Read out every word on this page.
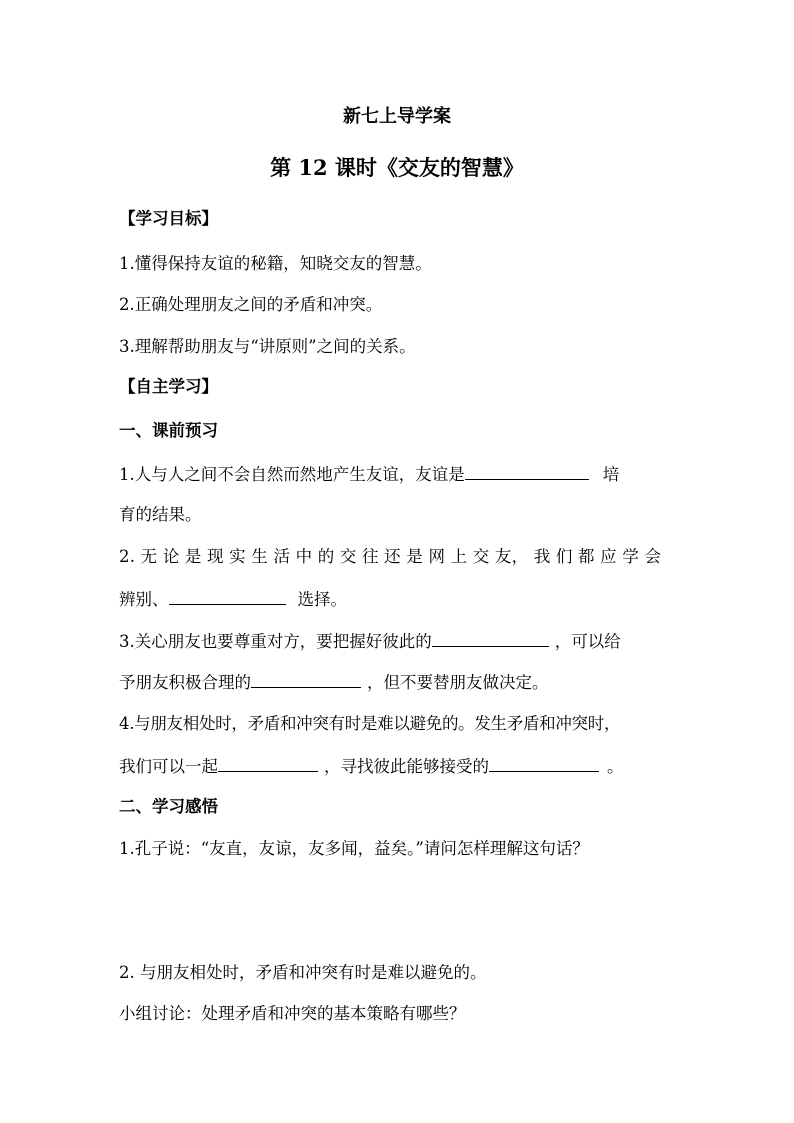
新七上导学案
第 12 课时《交友的智慧》
【学习目标】
1.懂得保持友谊的秘籍，知晓交友的智慧。
2.正确处理朋友之间的矛盾和冲突。
3.理解帮助朋友与“讲原则”之间的关系。
【自主学习】
一、课前预习
1.人与人之间不会自然而然地产生友谊，友谊是	培
育的结果。
2. 无 论 是 现 实 生 活 中 的 交 往 还 是 网 上 交 友， 我 们 都 应 学 会
辨别、	选择。
3.关心朋友也要尊重对方，要把握好彼此的	，可以给
予朋友积极合理的	，但不要替朋友做决定。
4.与朋友相处时，矛盾和冲突有时是难以避免的。发生矛盾和冲突时，
我们可以一起	，寻找彼此能够接受的	。
二、学习感悟
1.孔子说：“友直，友谅，友多闻，益矣。”请问怎样理解这句话？
2. 与朋友相处时，矛盾和冲突有时是难以避免的。
小组讨论：处理矛盾和冲突的基本策略有哪些？
